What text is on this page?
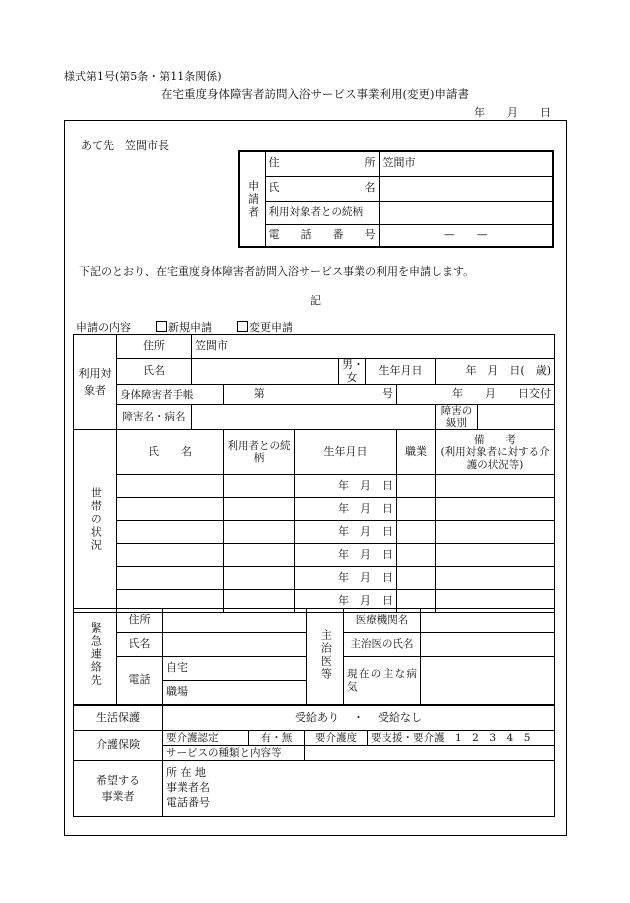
様式第1号(第5条・第11条関係)
在宅重度身体障害者訪問入浴サービス事業利用(変更)申請書
年　　月　　日
あて先　笠間市長
申請者	住　　所	笠間市
	氏　　名	
	利用対象者との続柄	
	電話番号	—　　—
下記のとおり、在宅重度身体障害者訪問入浴サービス事業の利用を申請します。
記
申請の内容	新規申請	変更申請
利用対象者	住所	笠間市							
	氏名				男・女	生年月日		年　月　日(　歳)	
	身体障害者手帳		第	号			年　　月　　日交付		
	障害名・病名							障害の級別	
世帯の状況	氏　　名		利用者との続柄	生年月日			職業	備　　考
(利用対象者に対する介護の状況等)	

				年　月　日					
				年　月　日					
				年　月　日					
				年　月　日					
				年　月　日					
				年　月　日					
緊急連絡先	住所		主治医等	医療機関名	
	氏名			主治医の氏名	
	電話	自宅		現在の主な病気	
		職場			
生活保護	受給あり ・ 受給なし			
介護保険	要介護認定	有・無	要介護度	要支援・要介護　1　2　3　4　5
	サービスの種類と内容等			

希望する事業者	所 在 地
事業者名
電話番号			
